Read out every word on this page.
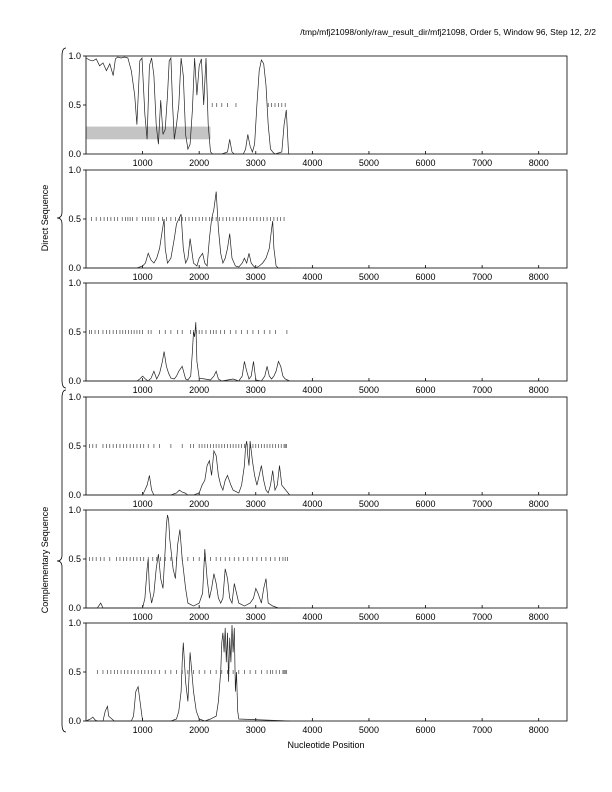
/tmp/mfj21098/only/raw_result_dir/mfj21098, Order 5, Window 96, Step 12, 2/2
0.0
0.5
1.0
1000	2000	3000	4000	5000	6000	7000	8000
0.0
0.5
1.0
1000	2000	3000	4000	5000	6000	7000	8000
0.0
0.5
1.0
1000	2000	3000	4000	5000	6000	7000	8000
0.0
0.5
1.0
1000	2000	3000	4000	5000	6000	7000	8000
0.0
0.5
1.0
1000	2000	3000	4000	5000	6000	7000	8000
0.0
0.5
1.0
1000	2000	3000	4000	5000	6000	7000	8000
Nucleotide Position
Direct Sequence
Complementary Sequence
